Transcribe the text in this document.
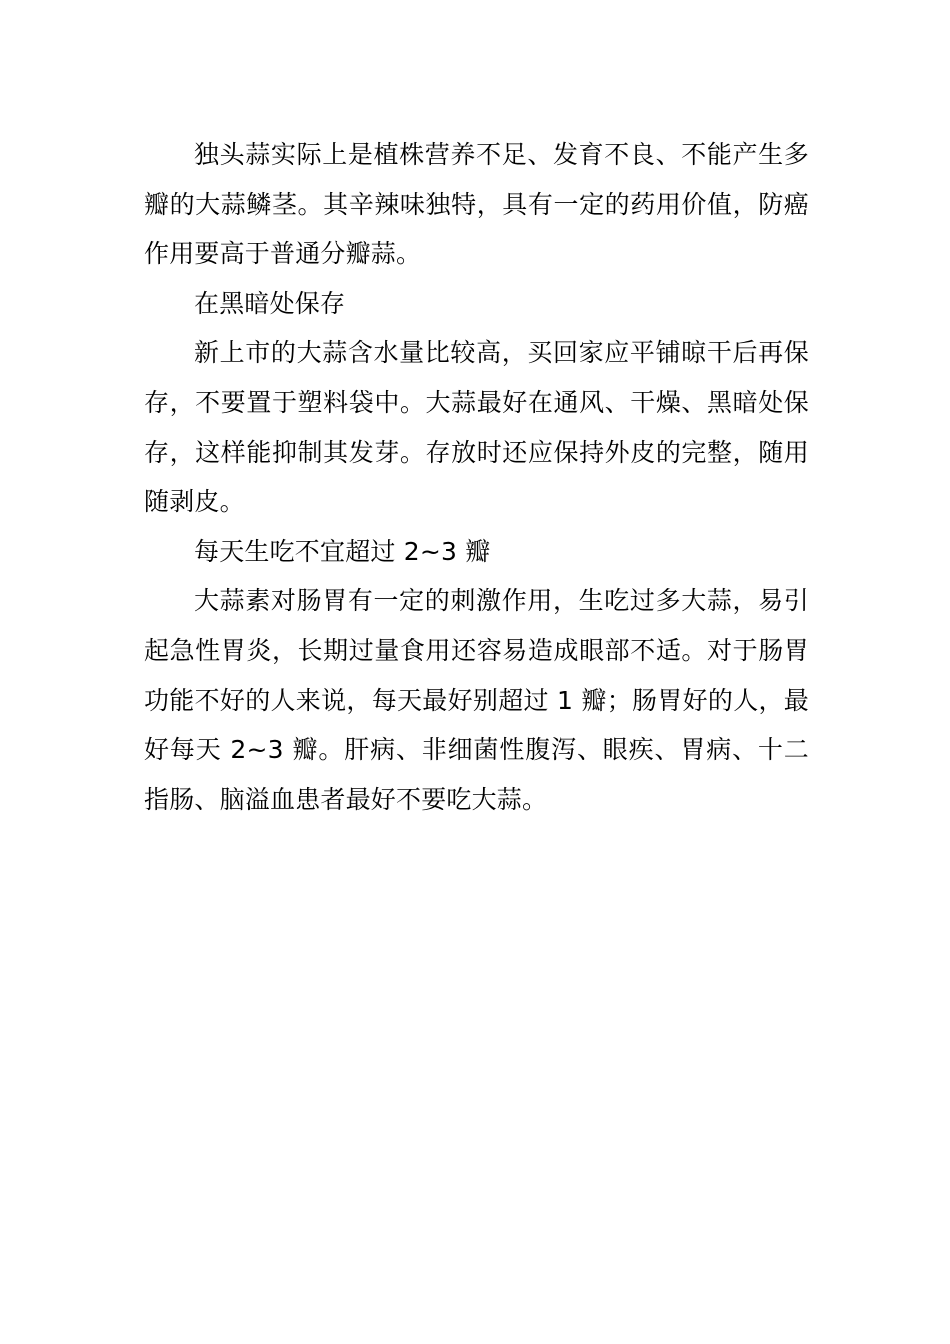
独头蒜实际上是植株营养不足、发育不良、不能产生多瓣的大蒜鳞茎。其辛辣味独特，具有一定的药用价值，防癌作用要高于普通分瓣蒜。

在黑暗处保存

新上市的大蒜含水量比较高，买回家应平铺晾干后再保存，不要置于塑料袋中。大蒜最好在通风、干燥、黑暗处保存，这样能抑制其发芽。存放时还应保持外皮的完整，随用随剥皮。

每天生吃不宜超过 2~3 瓣

大蒜素对肠胃有一定的刺激作用，生吃过多大蒜，易引起急性胃炎，长期过量食用还容易造成眼部不适。对于肠胃功能不好的人来说，每天最好别超过 1 瓣；肠胃好的人，最好每天 2~3 瓣。肝病、非细菌性腹泻、眼疾、胃病、十二指肠、脑溢血患者最好不要吃大蒜。
